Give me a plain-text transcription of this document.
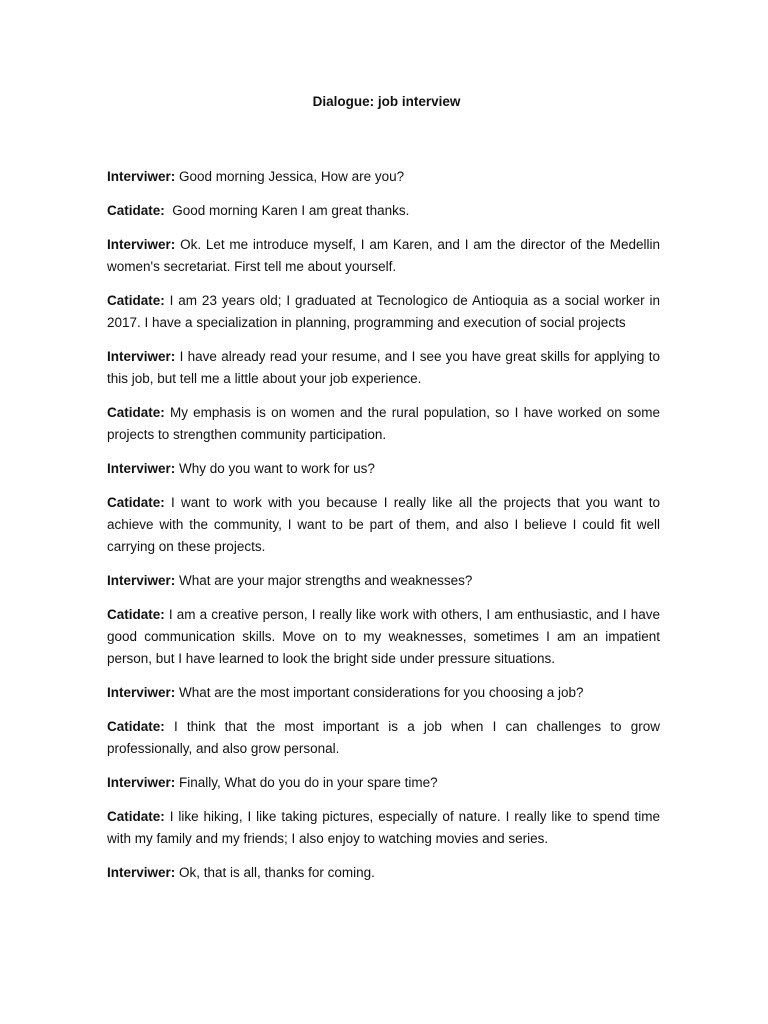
Dialogue: job interview

Interviwer: Good morning Jessica, How are you?

Catidate:  Good morning Karen I am great thanks.

Interviwer: Ok. Let me introduce myself, I am Karen, and I am the director of the Medellin women's secretariat. First tell me about yourself.

Catidate: I am 23 years old; I graduated at Tecnologico de Antioquia as a social worker in 2017. I have a specialization in planning, programming and execution of social projects

Interviwer: I have already read your resume, and I see you have great skills for applying to this job, but tell me a little about your job experience.

Catidate: My emphasis is on women and the rural population, so I have worked on some projects to strengthen community participation.

Interviwer: Why do you want to work for us?

Catidate: I want to work with you because I really like all the projects that you want to achieve with the community, I want to be part of them, and also I believe I could fit well carrying on these projects.

Interviwer: What are your major strengths and weaknesses?

Catidate: I am a creative person, I really like work with others, I am enthusiastic, and I have good communication skills. Move on to my weaknesses, sometimes I am an impatient person, but I have learned to look the bright side under pressure situations.

Interviwer: What are the most important considerations for you choosing a job?

Catidate: I think that the most important is a job when I can challenges to grow professionally, and also grow personal.

Interviwer: Finally, What do you do in your spare time?

Catidate: I like hiking, I like taking pictures, especially of nature. I really like to spend time with my family and my friends; I also enjoy to watching movies and series.

Interviwer: Ok, that is all, thanks for coming.
